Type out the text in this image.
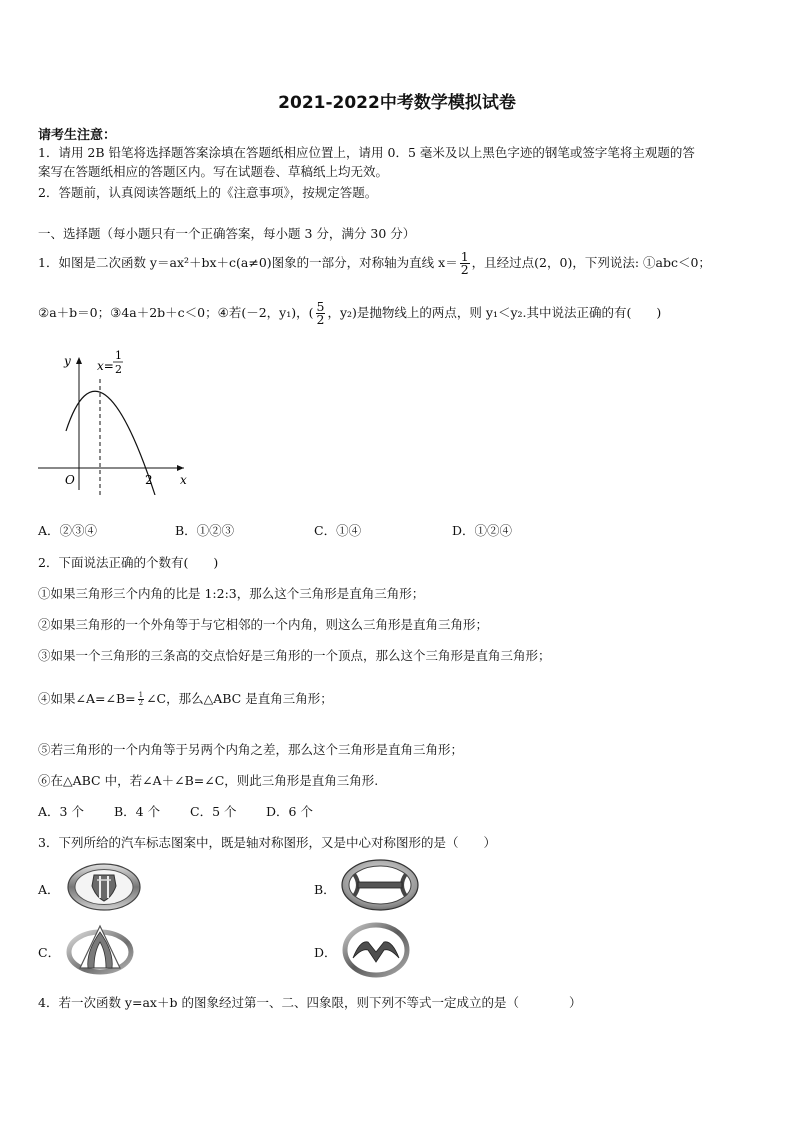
2021-2022中考数学模拟试卷
请考生注意：
1．请用 2B 铅笔将选择题答案涂填在答题纸相应位置上，请用 0．5 毫米及以上黑色字迹的钢笔或签字笔将主观题的答
案写在答题纸相应的答题区内。写在试题卷、草稿纸上均无效。
2．答题前，认真阅读答题纸上的《注意事项》，按规定答题。
一、选择题（每小题只有一个正确答案，每小题 3 分，满分 30 分）
1．如图是二次函数 y＝ax²＋bx＋c(a≠0)图象的一部分，对称轴为直线 $x= \frac{1}{2}$ ，且经过点(2，0)，下列说法: ①abc＜0；
②a＋b＝0；③4a＋2b＋c＜0；④若(－2，y₁)，( $\frac{5}{2}$ ，y₂)是抛物线上的两点，则 y₁＜y₂.其中说法正确的有(　　)
y
x
O	2
x=
1
2
A．②③④	B．①②③	C．①④	D．①②④
2．下面说法正确的个数有(　　)
①如果三角形三个内角的比是 1:2:3，那么这个三角形是直角三角形；
②如果三角形的一个外角等于与它相邻的一个内角，则这么三角形是直角三角形；
③如果一个三角形的三条高的交点恰好是三角形的一个顶点，那么这个三角形是直角三角形；
④如果∠A=∠B= $\frac{1}{2}$ ∠C，那么△ABC 是直角三角形；
⑤若三角形的一个内角等于另两个内角之差，那么这个三角形是直角三角形；
⑥在△ABC 中，若∠A＋∠B=∠C，则此三角形是直角三角形.
A．3 个 B．4 个 C．5 个 D．6 个
3．下列所给的汽车标志图案中，既是轴对称图形，又是中心对称图形的是（　　）
A．	B．
C．	D．
4．若一次函数 y=ax＋b 的图象经过第一、二、四象限，则下列不等式一定成立的是（　　　　）
